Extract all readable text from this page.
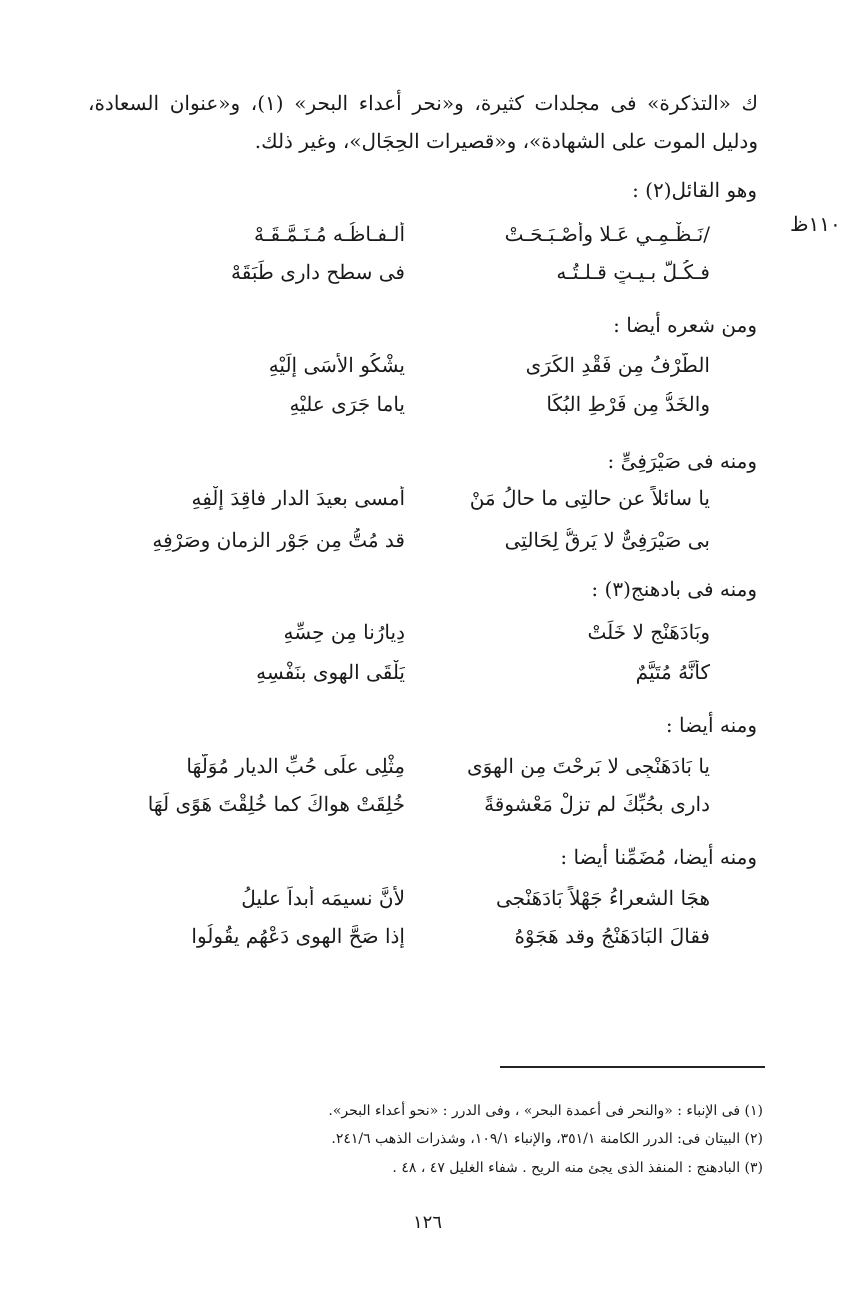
ك «التذكرة» فى مجلدات كثيرة، و«نحر أعداء البحر» (١)، و«عنوان السعادة، ودليل الموت على الشهادة»، و«قصيرات الحِجَال»، وغير ذلك.
١١٠ظ
وهو القائل(٢) :
/نَـظْـمِـي عَـلا وأصْـبَـحَـتْ
ألـفـاظُـه مُـنَـمَّـقَـهْ
فـكُـلُّ بـيـتٍ قـلـتُـه
فى سطحِ دارِى طَبَقَهْ
ومن شعره أيضا :
الطَّرْفُ مِن فَقْدِ الكَرَى
يشْكُو الأسَى إلَيْهِ
والخَدُّ مِن فَرْطِ البُكَا
ياما جَرَى عليْهِ
ومنه فى صَيْرَفِىٍّ :
يا سائلاً عن حالتِى ما حالُ مَنْ
أمسى بعيدَ الدار فاقِدَ إلْفِهِ
بى صَيْرَفِىٌّ لا يَرِقُّ لِحَالتِى
قد مُتُّ مِن جَوْرِ الزمانِ وصَرْفِهِ
ومنه فى بادهنج(٣) :
وبَادَهَنْجٍ لا خَلَتْ
دِيارُنا مِن حِسِّهِ
كأنَّهُ مُتَيَّمٌ
يَلْقَى الهوى بنَفْسِهِ
ومنه أيضا :
يا بَادَهَنْجِى لا بَرِحْتَ مِن الهوَى
مِثْلِى علَى حُبِّ الديارِ مُوَلَّهَا
دارى بحُبِّكَ لم تزلْ مَعْشوقةً
خُلِقَتْ هواكَ كما خُلِقْتَ هَوًى لَهَا
ومنه أيضا، مُضَمِّنا أيضا :
هجَا الشعراءُ جَهْلاً بَادَهَنْجى
لأنَّ نسيمَه أبداً عليلُ
فقالَ البَادَهَنْجُ وقد هَجَوْهُ
إذا صَحَّ الهوى دَعْهُم يقُولُوا
(١) فى الإنباء : «والنحر فى أعمدة البحر» ، وفى الدرر : «نحو أعداء البحر».
(٢) البيتان فى: الدرر الكامنة ٣٥١/١، والإنباء ١٠٩/١، وشذرات الذهب ٢٤١/٦.
(٣) البادهنج : المنفذ الذى يجئ منه الريح . شفاء الغليل ٤٧ ، ٤٨ .
١٢٦
